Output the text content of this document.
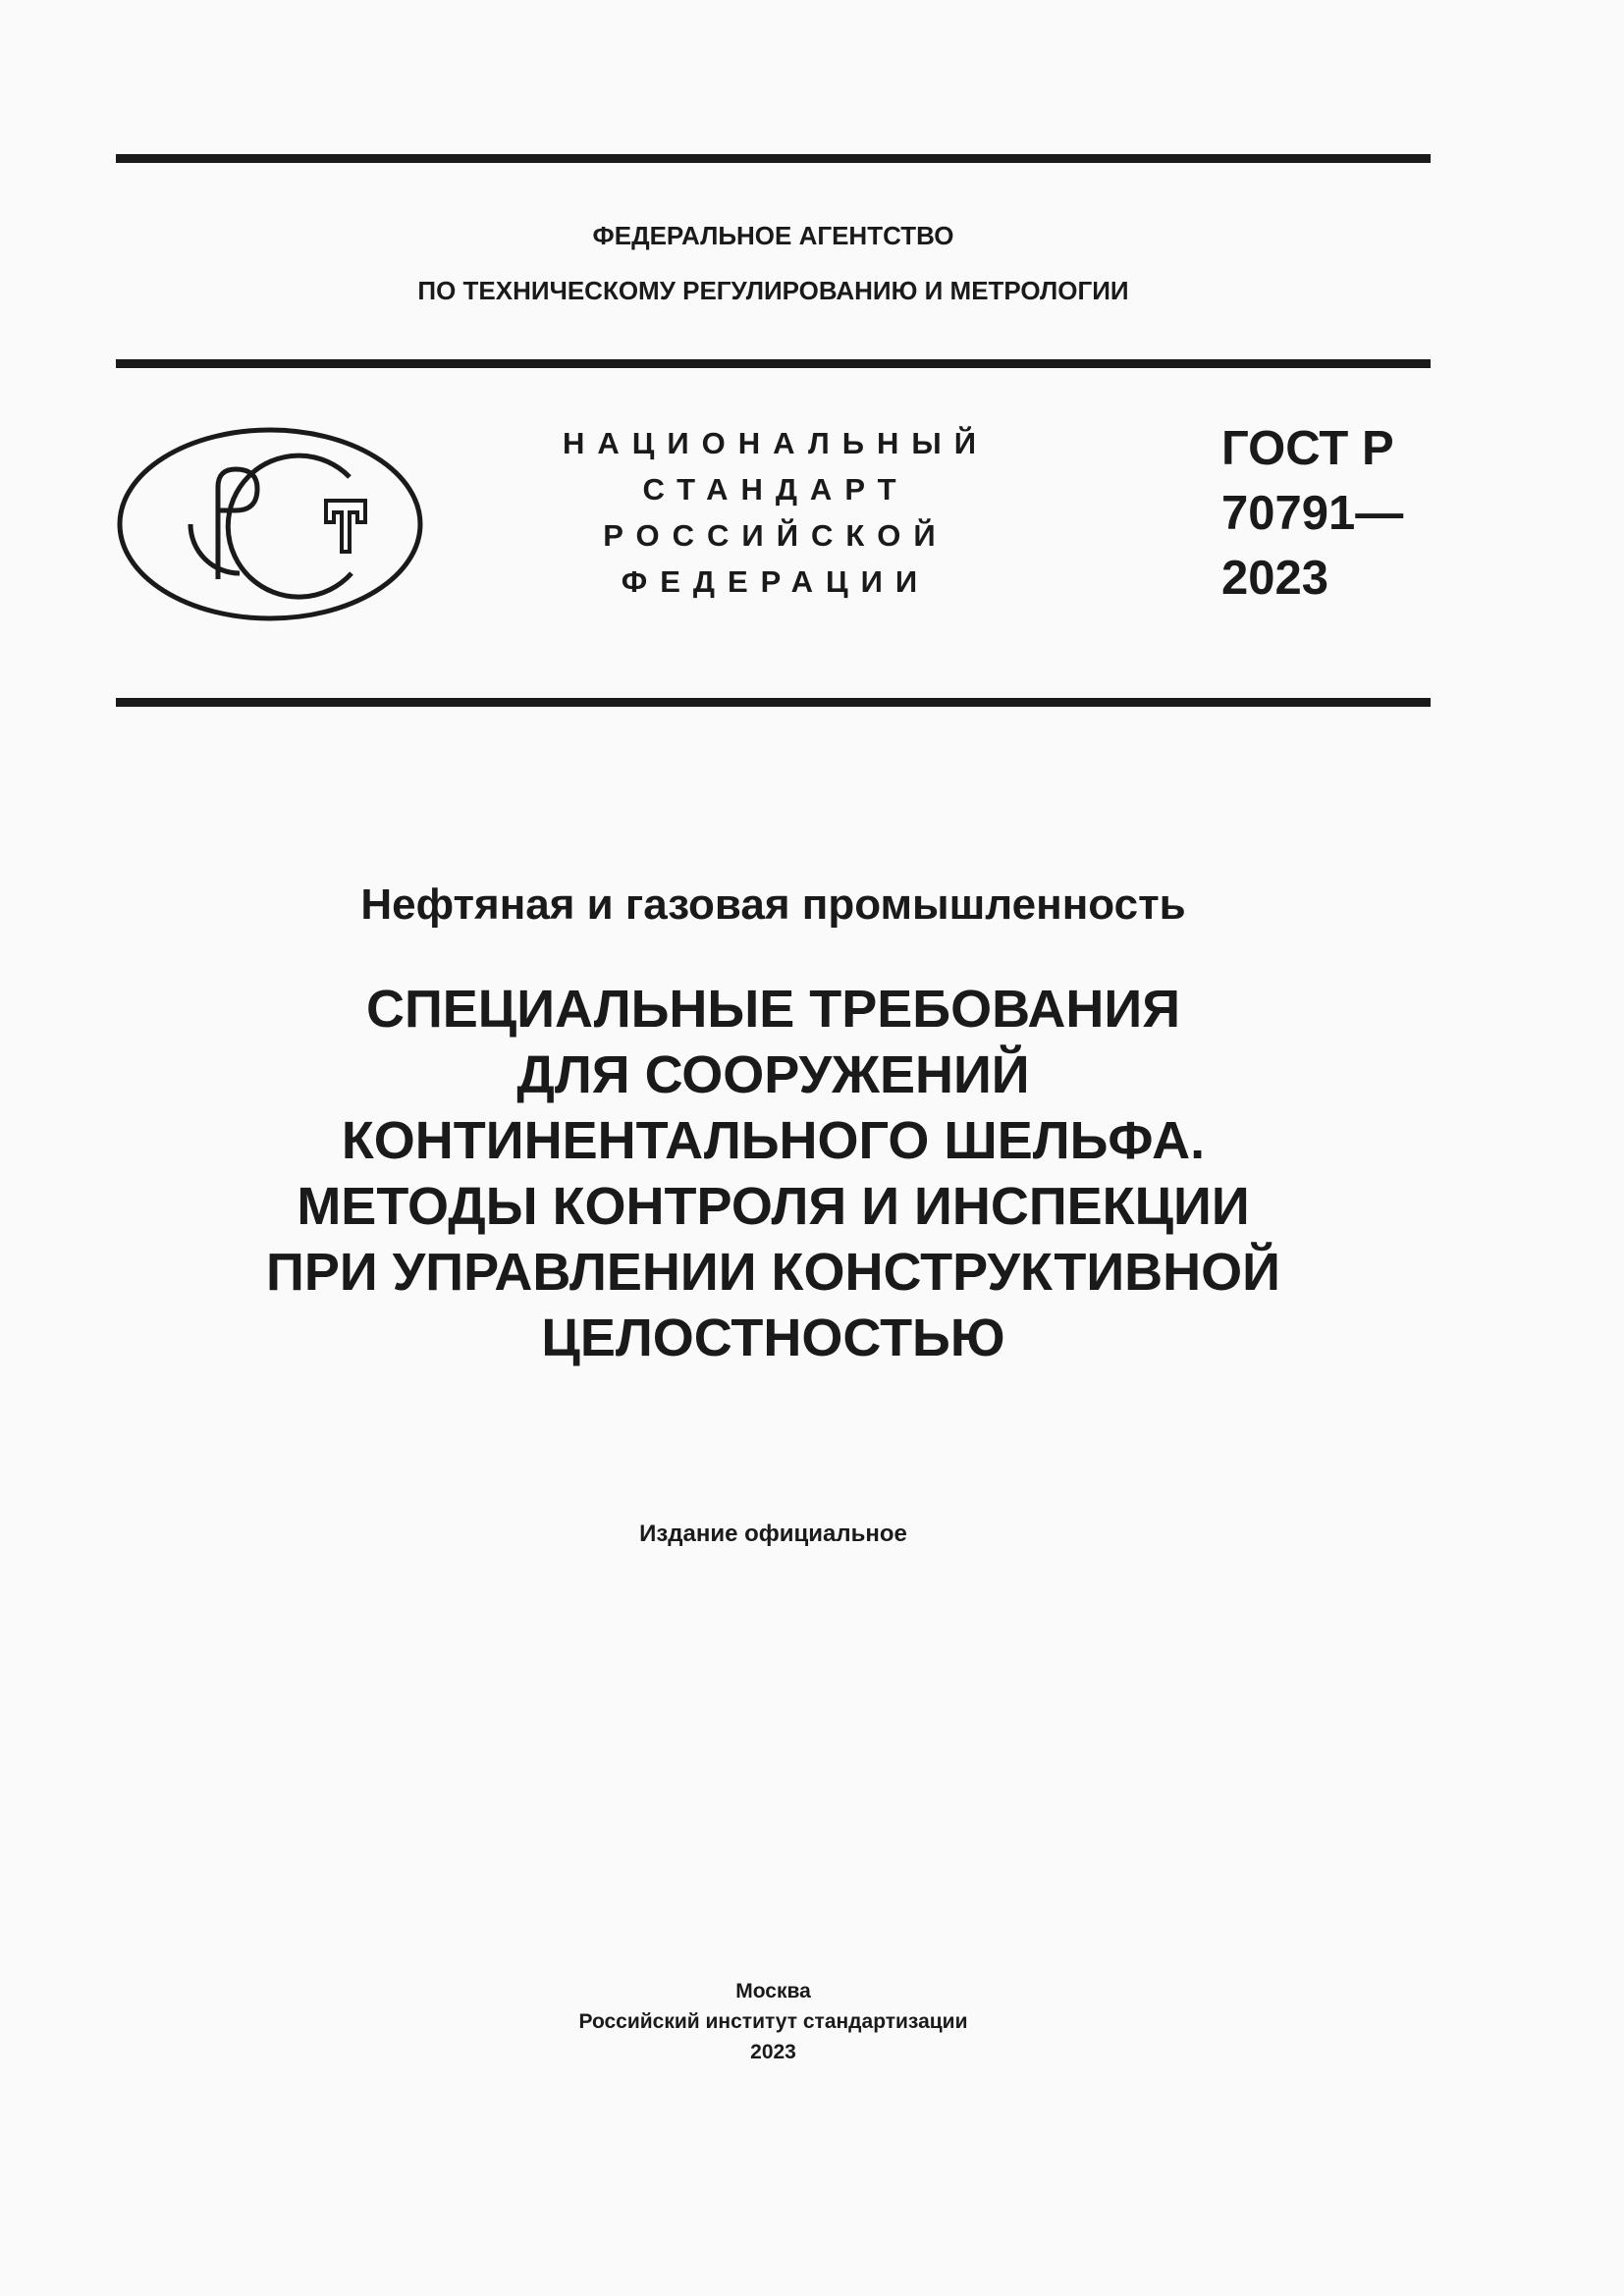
ФЕДЕРАЛЬНОЕ АГЕНТСТВО
ПО ТЕХНИЧЕСКОМУ РЕГУЛИРОВАНИЮ И МЕТРОЛОГИИ
НАЦИОНАЛЬНЫЙ
СТАНДАРТ
РОССИЙСКОЙ
ФЕДЕРАЦИИ
ГОСТ Р
70791—
2023
Нефтяная и газовая промышленность
СПЕЦИАЛЬНЫЕ ТРЕБОВАНИЯ
ДЛЯ СООРУЖЕНИЙ
КОНТИНЕНТАЛЬНОГО ШЕЛЬФА.
МЕТОДЫ КОНТРОЛЯ И ИНСПЕКЦИИ
ПРИ УПРАВЛЕНИИ КОНСТРУКТИВНОЙ
ЦЕЛОСТНОСТЬЮ
Издание официальное
Москва
Российский институт стандартизации
2023
